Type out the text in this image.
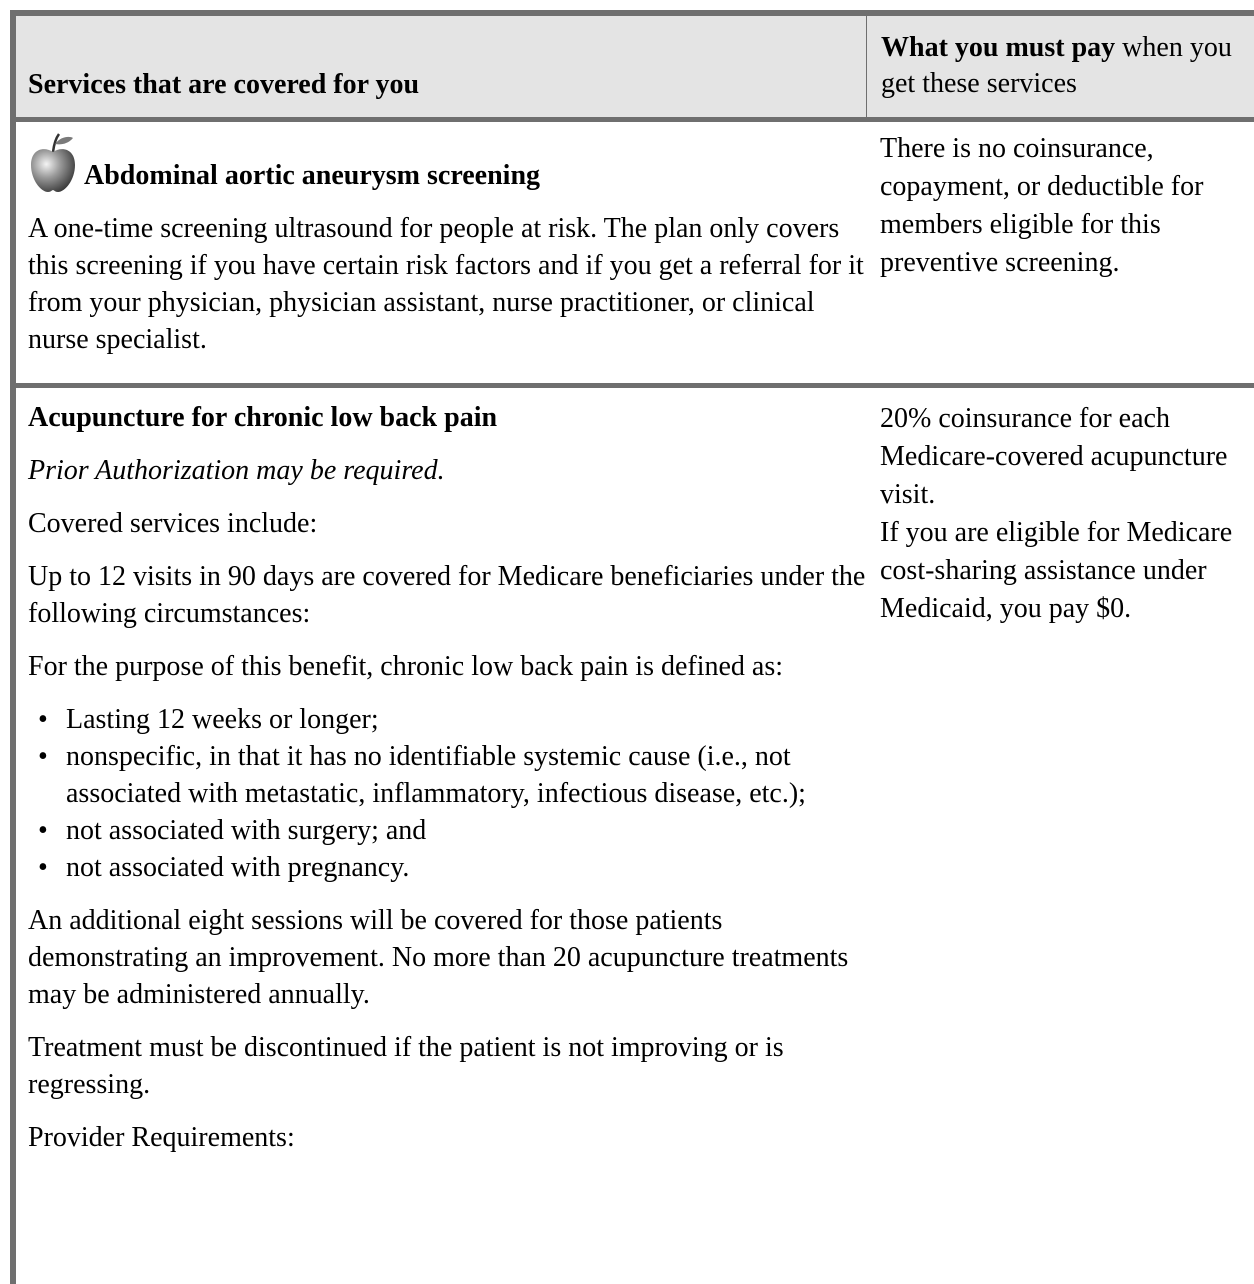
Services that are covered for you
What you must pay when you get these services
Abdominal aortic aneurysm screening

A one-time screening ultrasound for people at risk. The plan only covers this screening if you have certain risk factors and if you get a referral for it from your physician, physician assistant, nurse practitioner, or clinical nurse specialist.

There is no coinsurance, copayment, or deductible for members eligible for this preventive screening.
Acupuncture for chronic low back pain

Prior Authorization may be required.

Covered services include:

Up to 12 visits in 90 days are covered for Medicare beneficiaries under the following circumstances:

For the purpose of this benefit, chronic low back pain is defined as:

• Lasting 12 weeks or longer;
• nonspecific, in that it has no identifiable systemic cause (i.e., not associated with metastatic, inflammatory, infectious disease, etc.);
• not associated with surgery; and
• not associated with pregnancy.

An additional eight sessions will be covered for those patients demonstrating an improvement. No more than 20 acupuncture treatments may be administered annually.

Treatment must be discontinued if the patient is not improving or is regressing.

Provider Requirements:

20% coinsurance for each Medicare-covered acupuncture visit.
If you are eligible for Medicare cost-sharing assistance under Medicaid, you pay $0.
